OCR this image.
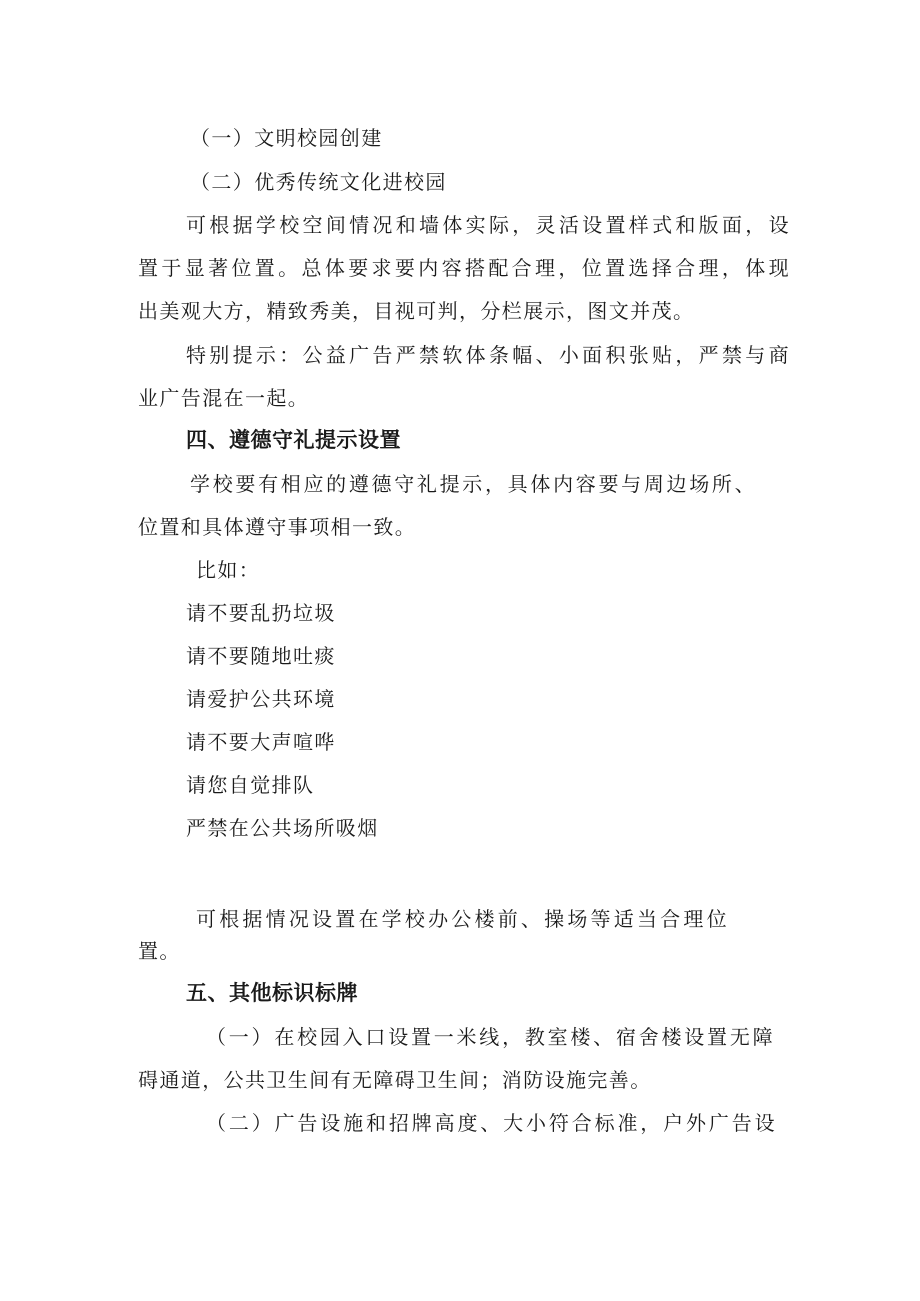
（一）文明校园创建
（二）优秀传统文化进校园
可根据学校空间情况和墙体实际，灵活设置样式和版面，设
置于显著位置。总体要求要内容搭配合理，位置选择合理，体现
出美观大方，精致秀美，目视可判，分栏展示，图文并茂。
特别提示：公益广告严禁软体条幅、小面积张贴，严禁与商
业广告混在一起。
四、遵德守礼提示设置
学校要有相应的遵德守礼提示，具体内容要与周边场所、
位置和具体遵守事项相一致。
比如：
请不要乱扔垃圾
请不要随地吐痰
请爱护公共环境
请不要大声喧哗
请您自觉排队
严禁在公共场所吸烟
可根据情况设置在学校办公楼前、操场等适当合理位
置。
五、其他标识标牌
（一）在校园入口设置一米线，教室楼、宿舍楼设置无障
碍通道，公共卫生间有无障碍卫生间；消防设施完善。
（二）广告设施和招牌高度、大小符合标准，户外广告设
